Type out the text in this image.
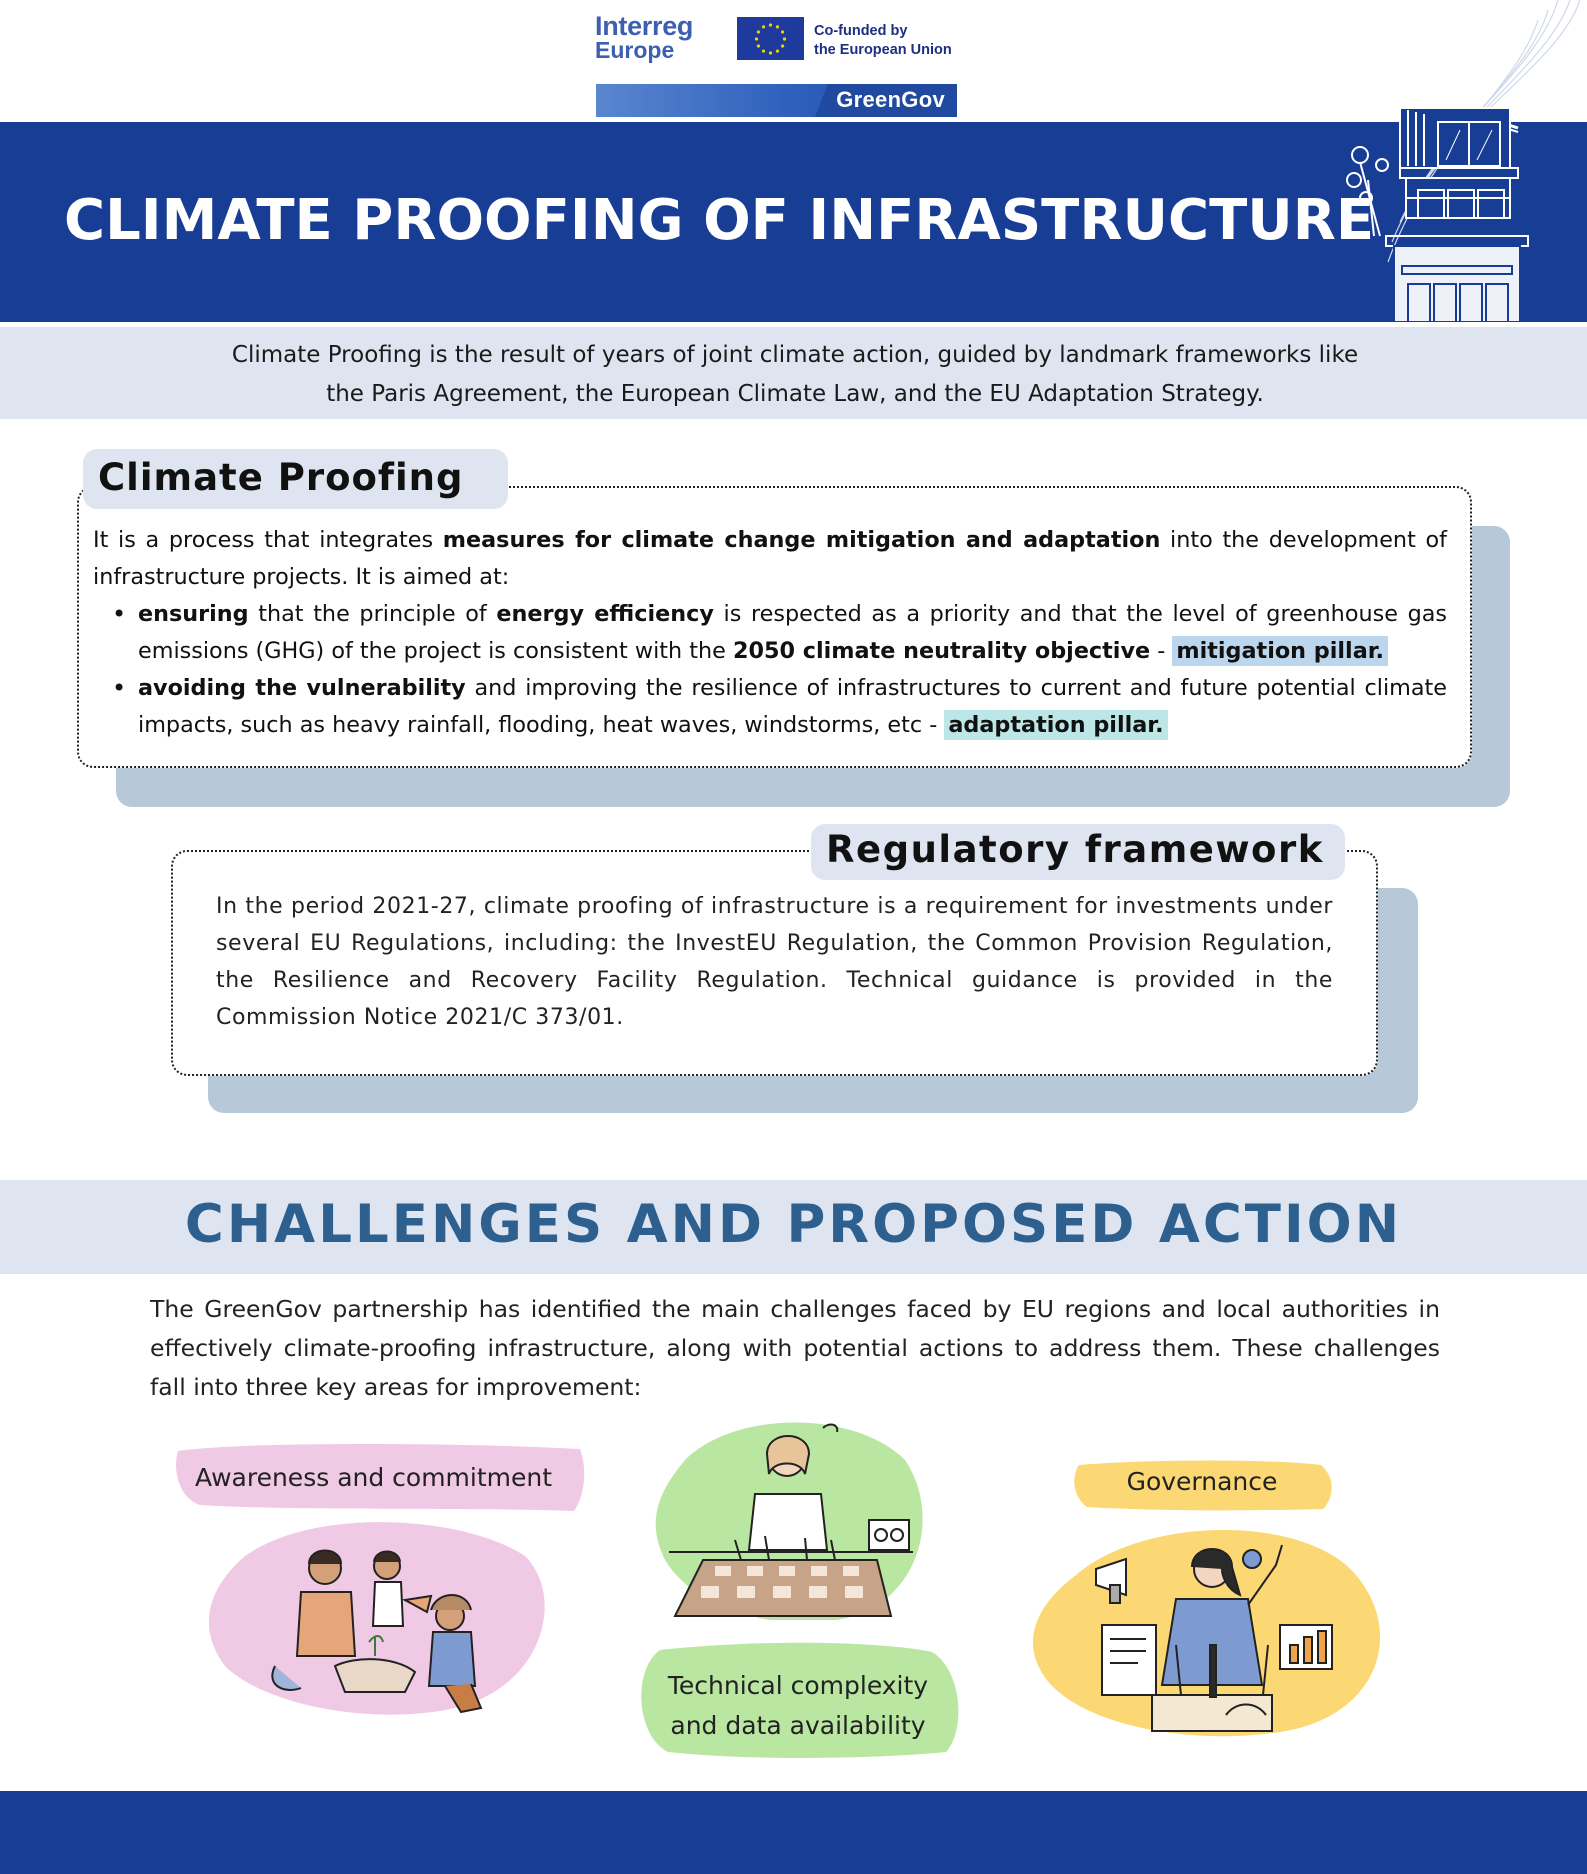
Interreg
Europe
Co-funded by
the European Union
GreenGov
CLIMATE PROOFING OF INFRASTRUCTURE
Climate Proofing is the result of years of joint climate action, guided by landmark frameworks like
the Paris Agreement, the European Climate Law, and the EU Adaptation Strategy.
Climate Proofing

It is a process that integrates measures for climate change mitigation and adaptation into the development of infrastructure projects. It is aimed at:

• ensuring that the principle of energy efficiency is respected as a priority and that the level of greenhouse gas emissions (GHG) of the project is consistent with the 2050 climate neutrality objective - mitigation pillar.
• avoiding the vulnerability and improving the resilience of infrastructures to current and future potential climate impacts, such as heavy rainfall, flooding, heat waves, windstorms, etc - adaptation pillar.
Regulatory framework

In the period 2021-27, climate proofing of infrastructure is a requirement for investments under several EU Regulations, including: the InvestEU Regulation, the Common Provision Regulation, the Resilience and Recovery Facility Regulation. Technical guidance is provided in the Commission Notice 2021/C 373/01.

CHALLENGES AND PROPOSED ACTION

The GreenGov partnership has identified the main challenges faced by EU regions and local authorities in effectively climate-proofing infrastructure, along with potential actions to address them. These challenges fall into three key areas for improvement:

Awareness and commitment
Technical complexity
and data availability
Governance
